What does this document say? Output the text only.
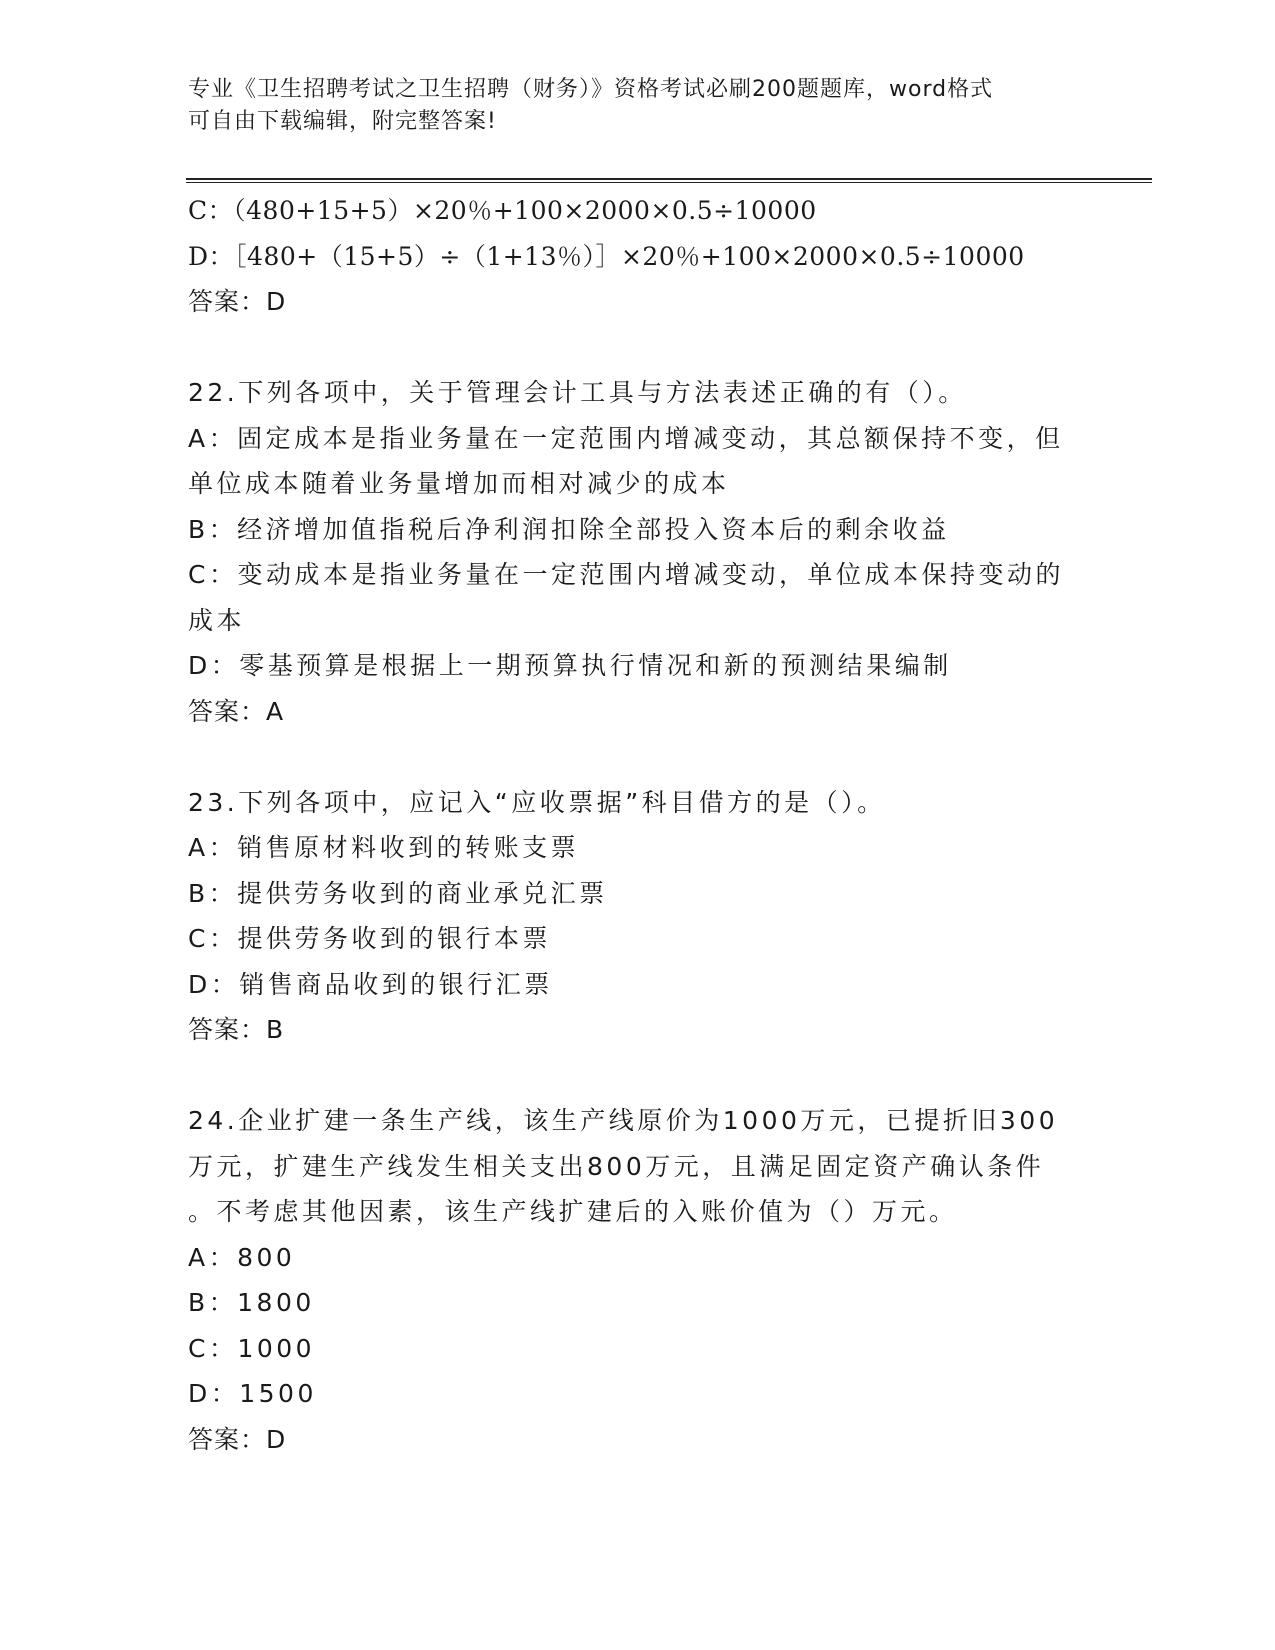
专业《卫生招聘考试之卫生招聘（财务）》资格考试必刷200题题库，word格式
可自由下载编辑，附完整答案!
C：（480+15+5）×20％+100×2000×0.5÷10000
D：［480+（15+5）÷（1+13％）］×20％+100×2000×0.5÷10000
答案：D
22.下列各项中，关于管理会计工具与方法表述正确的有（）。
A：固定成本是指业务量在一定范围内增减变动，其总额保持不变，但
单位成本随着业务量增加而相对减少的成本
B：经济增加值指税后净利润扣除全部投入资本后的剩余收益
C：变动成本是指业务量在一定范围内增减变动，单位成本保持变动的
成本
D：零基预算是根据上一期预算执行情况和新的预测结果编制
答案：A
23.下列各项中，应记入“应收票据”科目借方的是（）。
A：销售原材料收到的转账支票
B：提供劳务收到的商业承兑汇票
C：提供劳务收到的银行本票
D：销售商品收到的银行汇票
答案：B
24.企业扩建一条生产线，该生产线原价为1000万元，已提折旧300
万元，扩建生产线发生相关支出800万元，且满足固定资产确认条件
。不考虑其他因素，该生产线扩建后的入账价值为（）万元。
A：800
B：1800
C：1000
D：1500
答案：D
